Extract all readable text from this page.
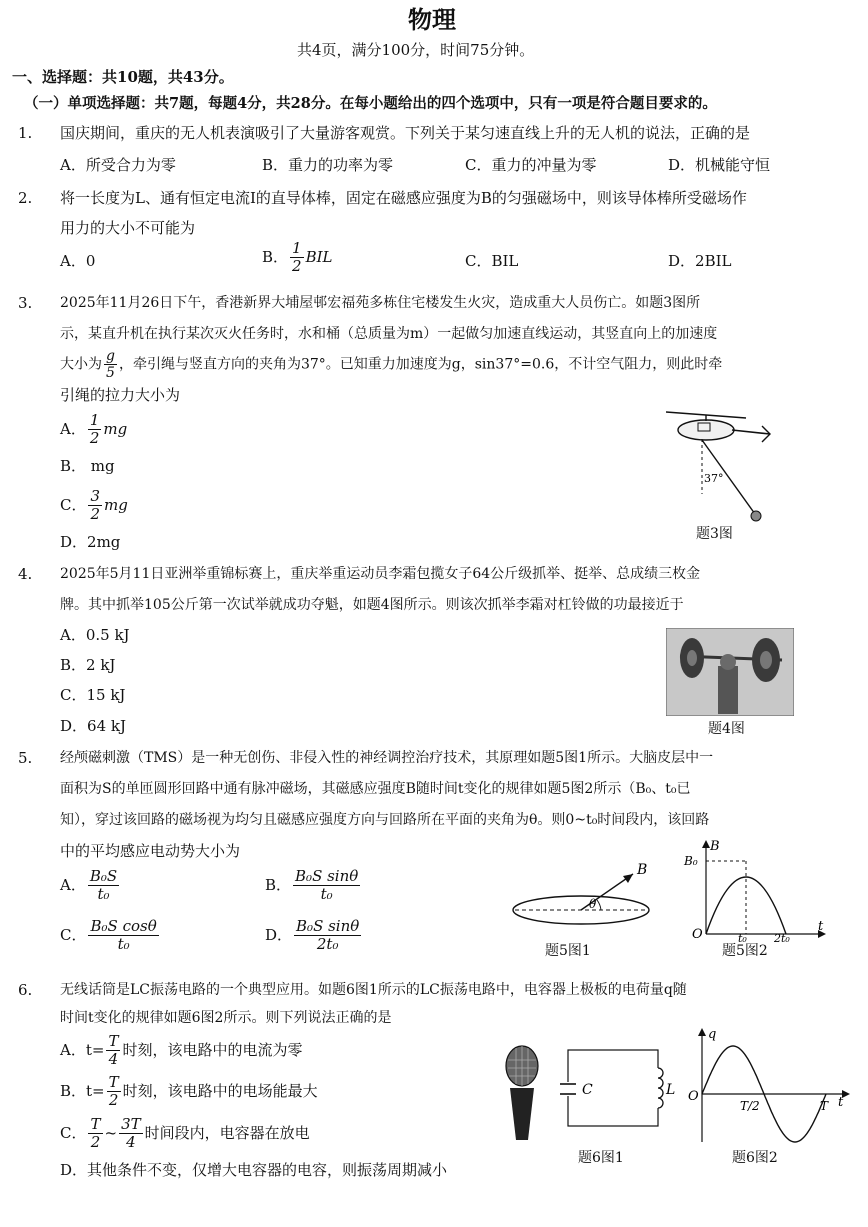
物理
共4页，满分100分，时间75分钟。
一、选择题：共10题，共43分。
（一）单项选择题：共7题，每题4分，共28分。在每小题给出的四个选项中，只有一项是符合题目要求的。
1. 国庆期间，重庆的无人机表演吸引了大量游客观赏。下列关于某匀速直线上升的无人机的说法，正确的是
A．所受合力为零	B．重力的功率为零	C．重力的冲量为零	D．机械能守恒
2. 将一长度为L、通有恒定电流I的直导体棒，固定在磁感应强度为B的匀强磁场中，则该导体棒所受磁场作
用力的大小不可能为
A．0	B． $\frac{1}{2}$ BIL	C．BIL	D．2BIL
3. 2025年11月26日下午，香港新界大埔屋邨宏福苑多栋住宅楼发生火灾，造成重大人员伤亡。如题3图所
示，某直升机在执行某次灭火任务时，水和桶（总质量为m）一起做匀加速直线运动，其竖直向上的加速度
大小为 $\frac{g}{5}$ ，牵引绳与竖直方向的夹角为37°。已知重力加速度为g，sin37°=0.6，不计空气阻力，则此时牵
引绳的拉力大小为
A． $\frac{1}{2}$ mg
B． mg
C． $\frac{3}{2}$ mg
D．2mg
37°
题3图
4. 2025年5月11日亚洲举重锦标赛上，重庆举重运动员李霜包揽女子64公斤级抓举、挺举、总成绩三枚金
牌。其中抓举105公斤第一次试举就成功夺魁，如题4图所示。则该次抓举李霜对杠铃做的功最接近于
A．0.5 kJ
B．2 kJ
C．15 kJ
D．64 kJ	题4图
5. 经颅磁刺激（TMS）是一种无创伤、非侵入性的神经调控治疗技术，其原理如题5图1所示。大脑皮层中一
面积为S的单匝圆形回路中通有脉冲磁场，其磁感应强度B随时间t变化的规律如题5图2所示（B₀、t₀已
知），穿过该回路的磁场视为均匀且磁感应强度方向与回路所在平面的夹角为θ。则0~t₀时间段内，该回路
中的平均感应电动势大小为
A． $\frac{\text{B₀S}}{\text{t₀}}$	B． $\frac{\text{B₀S sinθ}}{\text{t₀}}$
C． $\frac{\text{B₀S cosθ}}{\text{t₀}}$	D． $\frac{\text{B₀S sinθ}}{\text{2t₀}}$
B
θ
题5图1
B
B₀
O	t₀ 2t₀
t
题5图2
6. 无线话筒是LC振荡电路的一个典型应用。如题6图1所示的LC振荡电路中，电容器上极板的电荷量q随
时间t变化的规律如题6图2所示。则下列说法正确的是
A．$t= \frac{T}{4}$ 时刻，该电路中的电流为零
B．$t= \frac{T}{2}$ 时刻，该电路中的电场能最大
C． $\frac{T}{2}$ ~ $\frac{3T}{4}$ 时间段内，电容器在放电
D．其他条件不变，仅增大电容器的电容，则振荡周期减小
C	L
题6图1
q
O
T/2	T t
题6图2
